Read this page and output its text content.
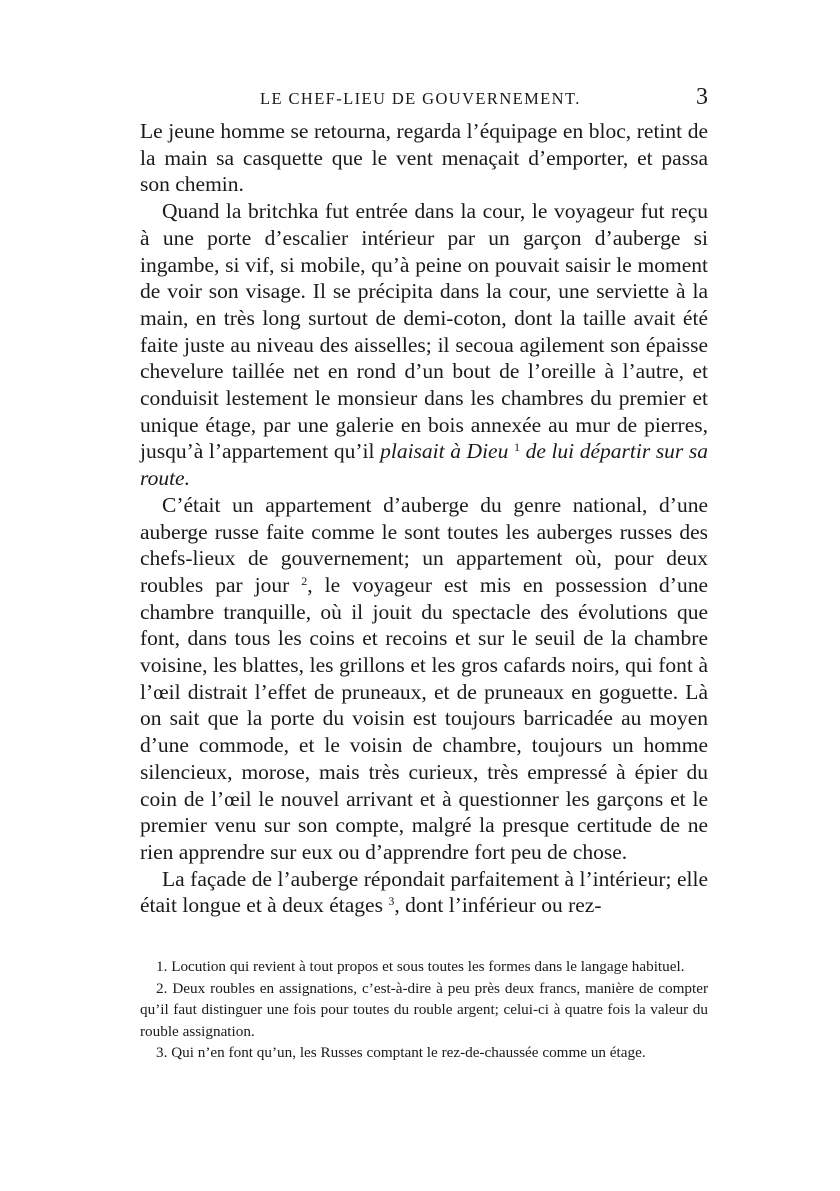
LE CHEF-LIEU DE GOUVERNEMENT.	3

Le jeune homme se retourna, regarda l’équipage en bloc, retint de la main sa casquette que le vent menaçait d’emporter, et passa son chemin.

Quand la britchka fut entrée dans la cour, le voyageur fut reçu à une porte d’escalier intérieur par un garçon d’auberge si ingambe, si vif, si mobile, qu’à peine on pouvait saisir le moment de voir son visage. Il se précipita dans la cour, une serviette à la main, en très long surtout de demi-coton, dont la taille avait été faite juste au niveau des aisselles; il secoua agilement son épaisse chevelure taillée net en rond d’un bout de l’oreille à l’autre, et conduisit lestement le monsieur dans les chambres du premier et unique étage, par une galerie en bois annexée au mur de pierres, jusqu’à l’appartement qu’il plaisait à Dieu $^1$ de lui départir sur sa route.

C’était un appartement d’auberge du genre national, d’une auberge russe faite comme le sont toutes les auberges russes des chefs-lieux de gouvernement; un appartement où, pour deux roubles par jour $^2$, le voyageur est mis en possession d’une chambre tranquille, où il jouit du spectacle des évolutions que font, dans tous les coins et recoins et sur le seuil de la chambre voisine, les blattes, les grillons et les gros cafards noirs, qui font à l’œil distrait l’effet de pruneaux, et de pruneaux en goguette. Là on sait que la porte du voisin est toujours barricadée au moyen d’une commode, et le voisin de chambre, toujours un homme silencieux, morose, mais très curieux, très empressé à épier du coin de l’œil le nouvel arrivant et à questionner les garçons et le premier venu sur son compte, malgré la presque certitude de ne rien apprendre sur eux ou d’apprendre fort peu de chose.

La façade de l’auberge répondait parfaitement à l’intérieur; elle était longue et à deux étages $^3$, dont l’inférieur ou rez-

1. Locution qui revient à tout propos et sous toutes les formes dans le langage habituel.

2. Deux roubles en assignations, c’est-à-dire à peu près deux francs, manière de compter qu’il faut distinguer une fois pour toutes du rouble argent; celui-ci à quatre fois la valeur du rouble assignation.

3. Qui n’en font qu’un, les Russes comptant le rez-de-chaussée comme un étage.
